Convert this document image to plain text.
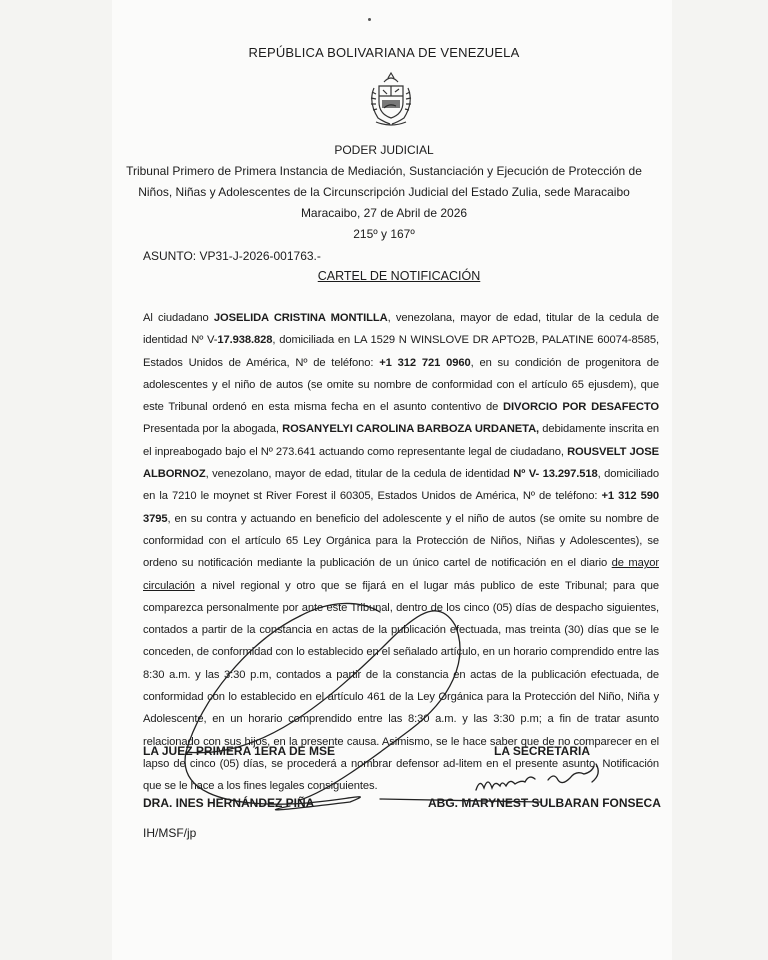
REPÚBLICA BOLIVARIANA DE VENEZUELA
PODER JUDICIAL
Tribunal Primero de Primera Instancia de Mediación, Sustanciación y Ejecución de Protección de
Niños, Niñas y Adolescentes de la Circunscripción Judicial del Estado Zulia, sede Maracaibo
Maracaibo, 27 de Abril de 2026
215º y 167º
ASUNTO: VP31-J-2026-001763.-
CARTEL DE NOTIFICACIÓN
Al ciudadano JOSELIDA CRISTINA MONTILLA, venezolana, mayor de edad, titular de la cedula de identidad Nº V-17.938.828, domiciliada en LA 1529 N WINSLOVE DR APTO2B, PALATINE 60074-8585, Estados Unidos de América, Nº de teléfono: +1 312 721 0960, en su condición de progenitora de adolescentes y el niño de autos (se omite su nombre de conformidad con el artículo 65 ejusdem), que este Tribunal ordenó en esta misma fecha en el asunto contentivo de DIVORCIO POR DESAFECTO Presentada por la abogada, ROSANYELYI CAROLINA BARBOZA URDANETA, debidamente inscrita en el inpreabogado bajo el Nº 273.641 actuando como representante legal de ciudadano, ROUSVELT JOSE ALBORNOZ, venezolano, mayor de edad, titular de la cedula de identidad Nº V- 13.297.518, domiciliado en la 7210 le moynet st River Forest il 60305, Estados Unidos de América, Nº de teléfono: +1 312 590 3795, en su contra y actuando en beneficio del adolescente y el niño de autos (se omite su nombre de conformidad con el artículo 65 Ley Orgánica para la Protección de Niños, Niñas y Adolescentes), se ordeno su notificación mediante la publicación de un único cartel de notificación en el diario de mayor circulación a nivel regional y otro que se fijará en el lugar más publico de este Tribunal; para que comparezca personalmente por ante este Tribunal, dentro de los cinco (05) días de despacho siguientes, contados a partir de la constancia en actas de la publicación efectuada, mas treinta (30) días que se le conceden, de conformidad con lo establecido en el señalado artículo, en un horario comprendido entre las 8:30 a.m. y las 3:30 p.m, contados a partir de la constancia en actas de la publicación efectuada, de conformidad con lo establecido en el artículo 461 de la Ley Orgánica para la Protección del Niño, Niña y Adolescente, en un horario comprendido entre las 8:30 a.m. y las 3:30 p.m; a fin de tratar asunto relacionado con sus hijos, en la presente causa. Asimismo, se le hace saber que de no comparecer en el lapso de cinco (05) días, se procederá a nombrar defensor ad-litem en el presente asunto. Notificación que se le hace a los fines legales consiguientes.
LA JUEZ PRIMERA 1ERA DE MSE	LA SECRETARIA
DRA. INES HERNÁNDEZ PIÑA	ABG. MARYNEST SULBARAN FONSECA
IH/MSF/jp
